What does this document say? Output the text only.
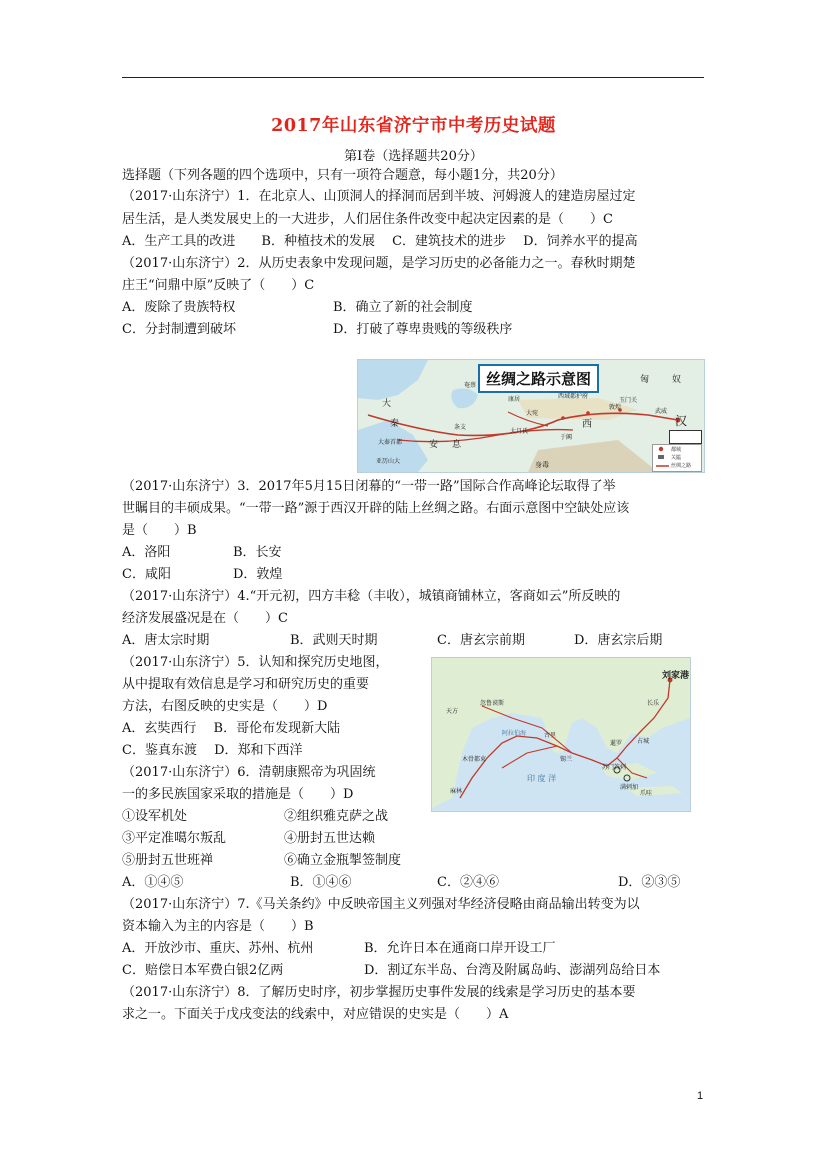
2017年山东省济宁市中考历史试题
第Ⅰ卷（选择题共20分）
选择题（下列各题的四个选项中，只有一项符合题意，每小题1分，共20分）
（2017·山东济宁）1．在北京人、山顶洞人的择洞而居到半坡、河姆渡人的建造房屋过定
居生活，是人类发展史上的一大进步，人们居住条件改变中起决定因素的是（　　）C
A．生产工具的改进　　B．种植技术的发展　 C．建筑技术的进步　 D．饲养水平的提高
（2017·山东济宁）2．从历史表象中发现问题，是学习历史的必备能力之一。春秋时期楚
庄王“问鼎中原”反映了（　　）C
A．废除了贵族特权	B．确立了新的社会制度
C．分封制遭到破坏	D．打破了尊卑贵贱的等级秩序
丝绸之路示意图	匈	奴
汉
西
安 息
大
秦
身毒
大宛
康居
敦煌
玉门关
武威
于阗
大月氏
西域都护府
条支
奄蔡
大秦首都
亚历山大
都城
关隘
丝绸之路
（2017·山东济宁）3．2017年5月15日闭幕的“一带一路”国际合作高峰论坛取得了举
世瞩目的丰硕成果。“一带一路”源于西汉开辟的陆上丝绸之路。右面示意图中空缺处应该
是（　　）B
A．洛阳	B．长安
C．咸阳	D．敦煌
（2017·山东济宁）4.“开元初，四方丰稔（丰收），城镇商铺林立，客商如云”所反映的
经济发展盛况是在（　　）C
A．唐太宗时期	B．武则天时期	C．唐玄宗前期	D．唐玄宗后期
刘家港
长乐
占城
满剌加
古里
忽鲁谟斯
天方
木骨都束
麻林
锡兰
暹罗
爪哇
苏门答剌
阿拉伯海
印 度 洋
（2017·山东济宁）5．认知和探究历史地图，
从中提取有效信息是学习和研究历史的重要
方法，右图反映的史实是（　　）D
A．玄奘西行　 B．哥伦布发现新大陆
C．鉴真东渡　 D．郑和下西洋
（2017·山东济宁）6．清朝康熙帝为巩固统
一的多民族国家采取的措施是（　　）D
①设军机处	②组织雅克萨之战
③平定准噶尔叛乱	④册封五世达赖
⑤册封五世班禅	⑥确立金瓶掣签制度
A．①④⑤	B．①④⑥	C．②④⑥	D．②③⑤
（2017·山东济宁）7.《马关条约》中反映帝国主义列强对华经济侵略由商品输出转变为以
资本输入为主的内容是（　　）B
A．开放沙市、重庆、苏州、杭州	B．允许日本在通商口岸开设工厂
C．赔偿日本军费白银2亿两	D．割辽东半岛、台湾及附属岛屿、澎湖列岛给日本
（2017·山东济宁）8．了解历史时序，初步掌握历史事件发展的线索是学习历史的基本要
求之一。下面关于戊戌变法的线索中，对应错误的史实是（　　）A
1
